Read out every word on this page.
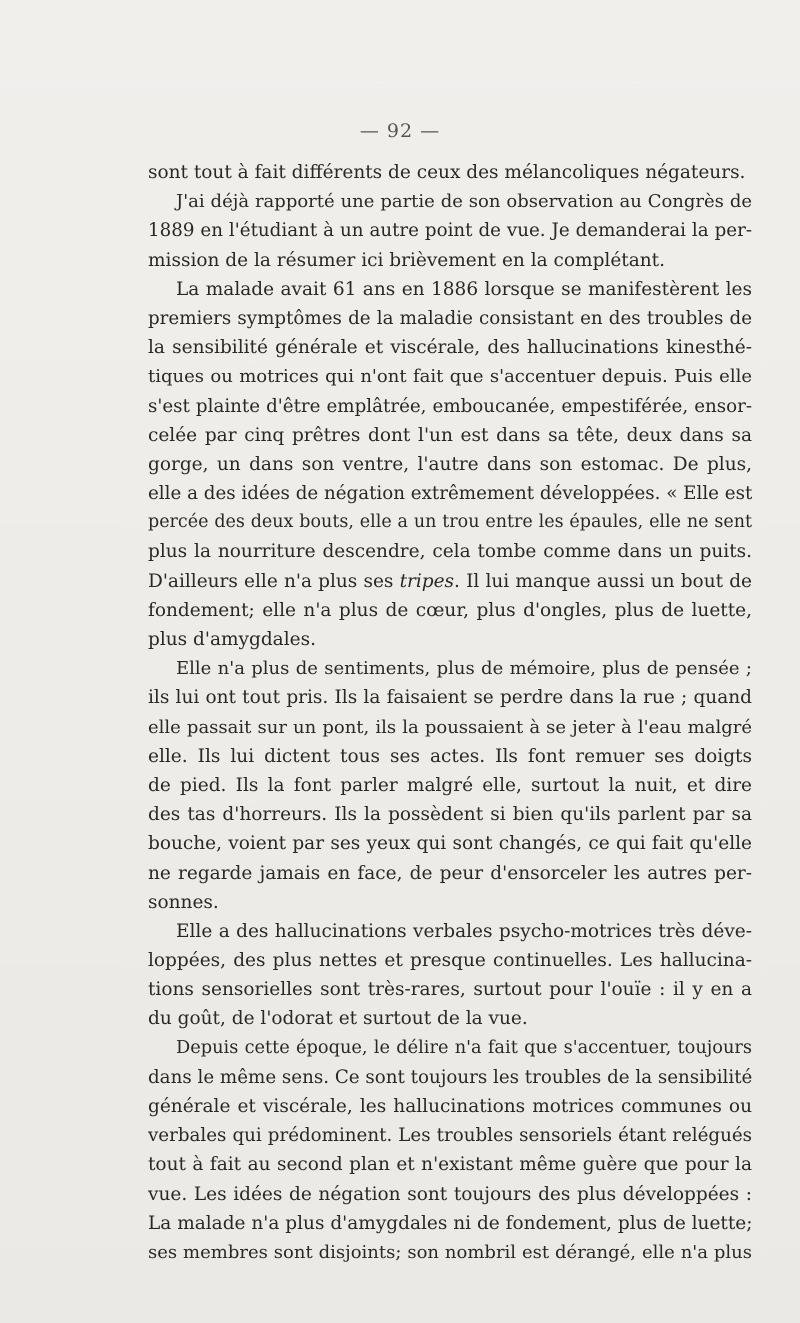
— 92 —
sont tout à fait différents de ceux des mélancoliques négateurs.
J'ai déjà rapporté une partie de son observation au Congrès de
1889 en l'étudiant à un autre point de vue. Je demanderai la per-
mission de la résumer ici brièvement en la complétant.
La malade avait 61 ans en 1886 lorsque se manifestèrent les
premiers symptômes de la maladie consistant en des troubles de
la sensibilité générale et viscérale, des hallucinations kinesthé-
tiques ou motrices qui n'ont fait que s'accentuer depuis. Puis elle
s'est plainte d'être emplâtrée, emboucanée, empestiférée, ensor-
celée par cinq prêtres dont l'un est dans sa tête, deux dans sa
gorge, un dans son ventre, l'autre dans son estomac. De plus,
elle a des idées de négation extrêmement développées. « Elle est
percée des deux bouts, elle a un trou entre les épaules, elle ne sent
plus la nourriture descendre, cela tombe comme dans un puits.
D'ailleurs elle n'a plus ses tripes. Il lui manque aussi un bout de
fondement; elle n'a plus de cœur, plus d'ongles, plus de luette,
plus d'amygdales.
Elle n'a plus de sentiments, plus de mémoire, plus de pensée ;
ils lui ont tout pris. Ils la faisaient se perdre dans la rue ; quand
elle passait sur un pont, ils la poussaient à se jeter à l'eau malgré
elle. Ils lui dictent tous ses actes. Ils font remuer ses doigts
de pied. Ils la font parler malgré elle, surtout la nuit, et dire
des tas d'horreurs. Ils la possèdent si bien qu'ils parlent par sa
bouche, voient par ses yeux qui sont changés, ce qui fait qu'elle
ne regarde jamais en face, de peur d'ensorceler les autres per-
sonnes.
Elle a des hallucinations verbales psycho-motrices très déve-
loppées, des plus nettes et presque continuelles. Les hallucina-
tions sensorielles sont très-rares, surtout pour l'ouïe : il y en a
du goût, de l'odorat et surtout de la vue.
Depuis cette époque, le délire n'a fait que s'accentuer, toujours
dans le même sens. Ce sont toujours les troubles de la sensibilité
générale et viscérale, les hallucinations motrices communes ou
verbales qui prédominent. Les troubles sensoriels étant relégués
tout à fait au second plan et n'existant même guère que pour la
vue. Les idées de négation sont toujours des plus développées :
La malade n'a plus d'amygdales ni de fondement, plus de luette;
ses membres sont disjoints; son nombril est dérangé, elle n'a plus
